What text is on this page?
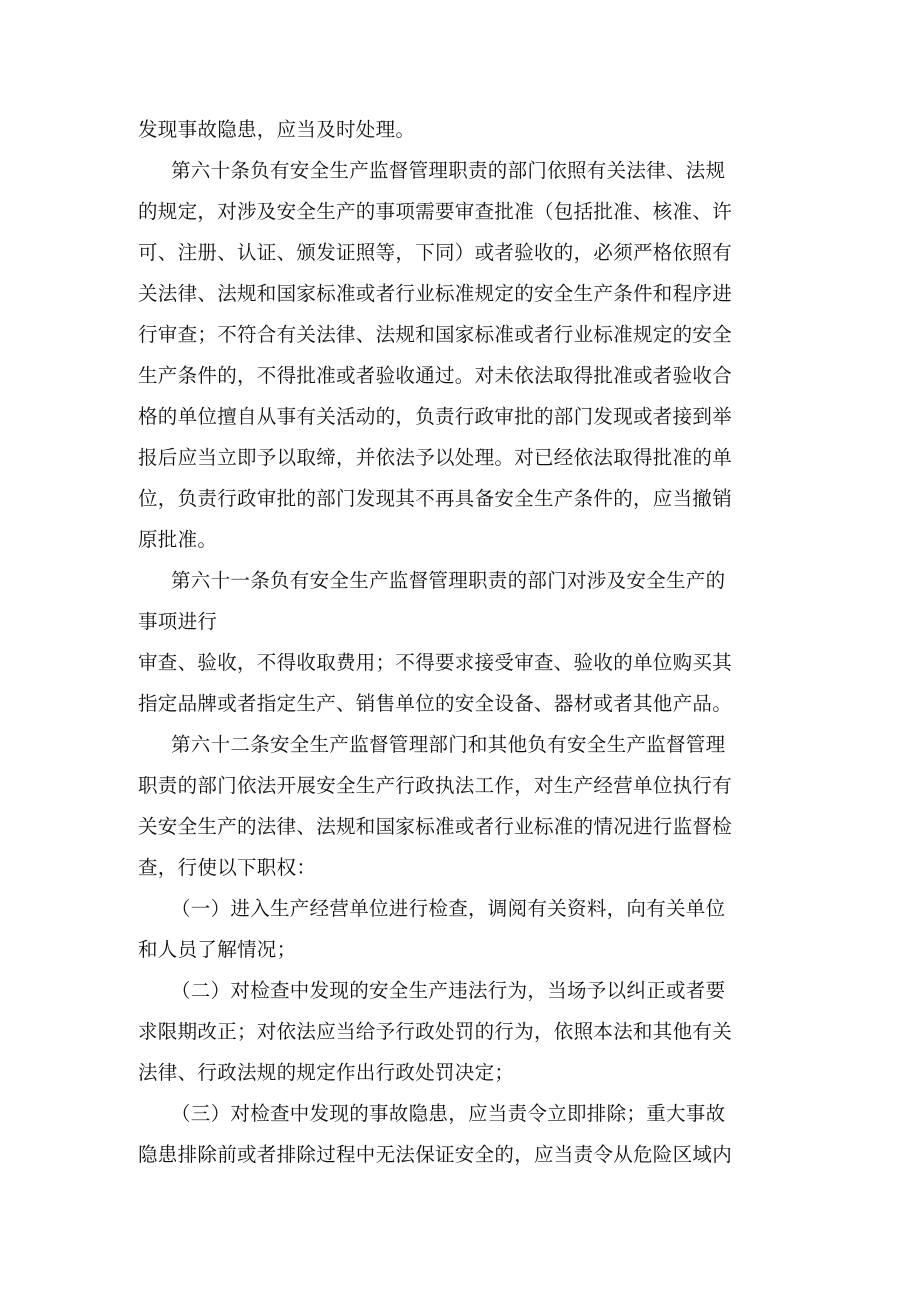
发现事故隐患，应当及时处理。

第六十条负有安全生产监督管理职责的部门依照有关法律、法规

的规定，对涉及安全生产的事项需要审查批准（包括批准、核准、许

可、注册、认证、颁发证照等，下同）或者验收的，必须严格依照有

关法律、法规和国家标准或者行业标准规定的安全生产条件和程序进

行审查；不符合有关法律、法规和国家标准或者行业标准规定的安全

生产条件的，不得批准或者验收通过。对未依法取得批准或者验收合

格的单位擅自从事有关活动的，负责行政审批的部门发现或者接到举

报后应当立即予以取缔，并依法予以处理。对已经依法取得批准的单

位，负责行政审批的部门发现其不再具备安全生产条件的，应当撤销

原批准。

第六十一条负有安全生产监督管理职责的部门对涉及安全生产的

事项进行

审查、验收，不得收取费用；不得要求接受审查、验收的单位购买其

指定品牌或者指定生产、销售单位的安全设备、器材或者其他产品。

第六十二条安全生产监督管理部门和其他负有安全生产监督管理

职责的部门依法开展安全生产行政执法工作，对生产经营单位执行有

关安全生产的法律、法规和国家标准或者行业标准的情况进行监督检

查，行使以下职权：

（一）进入生产经营单位进行检查，调阅有关资料，向有关单位

和人员了解情况；

（二）对检查中发现的安全生产违法行为，当场予以纠正或者要

求限期改正；对依法应当给予行政处罚的行为，依照本法和其他有关

法律、行政法规的规定作出行政处罚决定；

（三）对检查中发现的事故隐患，应当责令立即排除；重大事故

隐患排除前或者排除过程中无法保证安全的，应当责令从危险区域内
